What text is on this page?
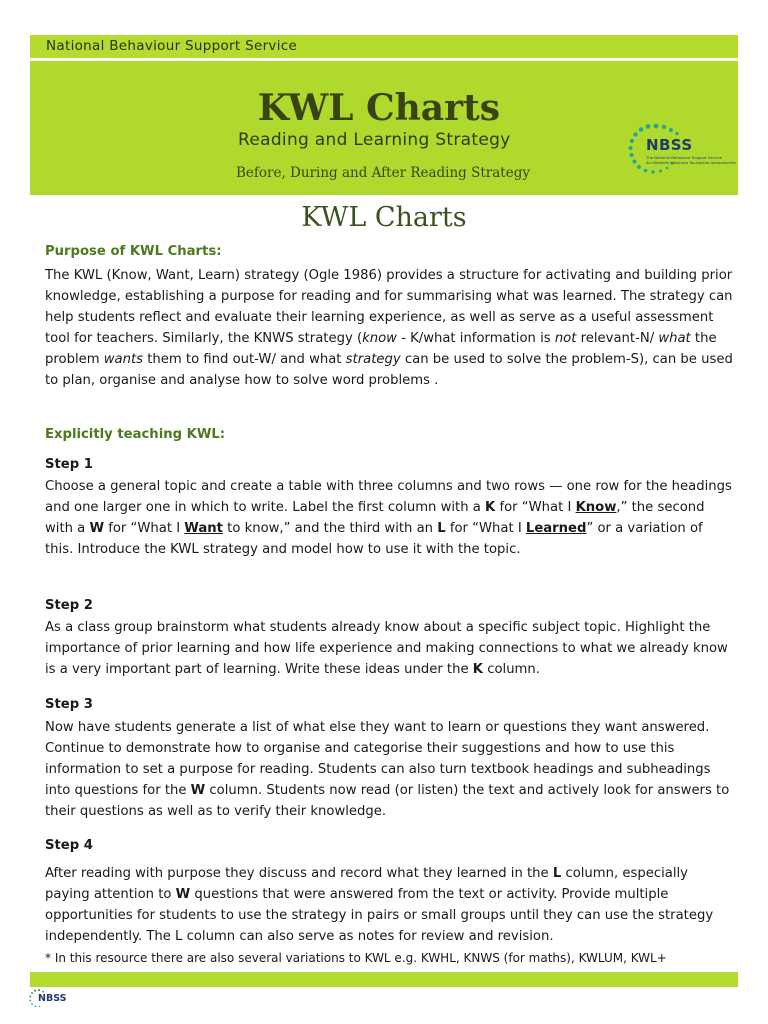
National Behaviour Support Service
KWL Charts
Reading and Learning Strategy
Before, During and After Reading Strategy
NBSS
The National Behaviour Support Service
An tSeirbhís Náisiúnta Tacaíochta Iompraíochta
KWL Charts
Purpose of KWL Charts:
The KWL (Know, Want, Learn) strategy (Ogle 1986) provides a structure for activating and building prior knowledge, establishing a purpose for reading and for summarising what was learned. The strategy can help students reflect and evaluate their learning experience, as well as serve as a useful assessment tool for teachers. Similarly, the KNWS strategy (know - K/what information is not relevant-N/ what the problem wants them to find out-W/ and what strategy can be used to solve the problem-S), can be used to plan, organise and analyse how to solve word problems .
Explicitly teaching KWL:
Step 1
Choose a general topic and create a table with three columns and two rows — one row for the headings and one larger one in which to write. Label the first column with a K for “What I Know,” the second with a W for “What I Want to know,” and the third with an L for “What I Learned” or a variation of this. Introduce the KWL strategy and model how to use it with the topic.
Step 2
As a class group brainstorm what students already know about a specific subject topic. Highlight the importance of prior learning and how life experience and making connections to what we already know is a very important part of learning. Write these ideas under the K column.
Step 3
Now have students generate a list of what else they want to learn or questions they want answered. Continue to demonstrate how to organise and categorise their suggestions and how to use this information to set a purpose for reading. Students can also turn textbook headings and subheadings into questions for the W column. Students now read (or listen) the text and actively look for answers to their questions as well as to verify their knowledge.
Step 4
After reading with purpose they discuss and record what they learned in the L column, especially paying attention to W questions that were answered from the text or activity. Provide multiple opportunities for students to use the strategy in pairs or small groups until they can use the strategy independently. The L column can also serve as notes for review and revision.
* In this resource there are also several variations to KWL e.g. KWHL, KNWS (for maths), KWLUM, KWL+
NBSS
